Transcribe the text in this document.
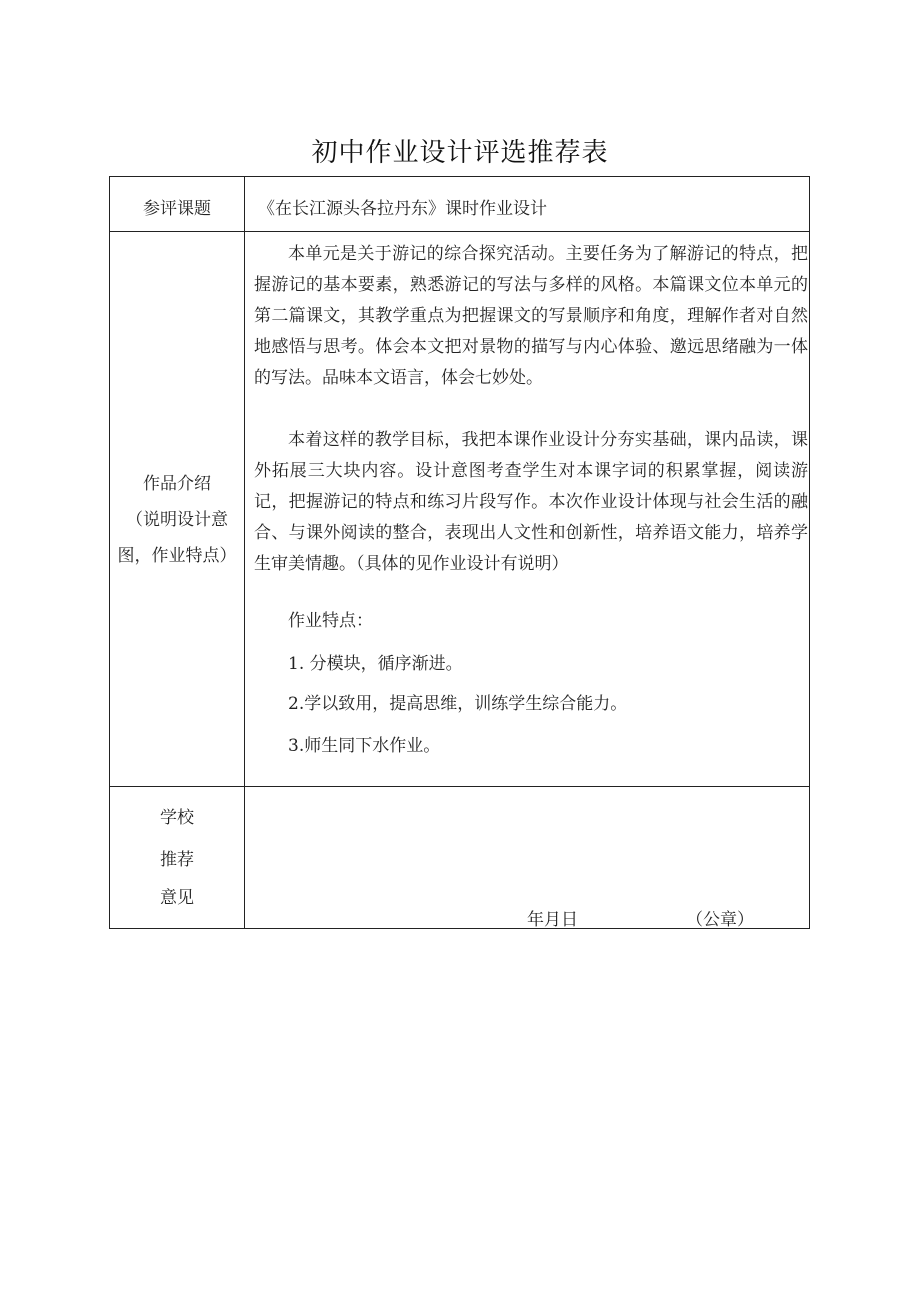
初中作业设计评选推荐表
参评课题	《在长江源头各拉丹东》课时作业设计
作品介绍
（说明设计意
图，作业特点）

本单元是关于游记的综合探究活动。主要任务为了解游记的特点，把握游记的基本要素，熟悉游记的写法与多样的风格。本篇课文位本单元的第二篇课文，其教学重点为把握课文的写景顺序和角度，理解作者对自然地感悟与思考。体会本文把对景物的描写与内心体验、邀远思绪融为一体的写法。品味本文语言，体会七妙处。

本着这样的教学目标，我把本课作业设计分夯实基础，课内品读，课外拓展三大块内容。设计意图考查学生对本课字词的积累掌握，阅读游记，把握游记的特点和练习片段写作。本次作业设计体现与社会生活的融合、与课外阅读的整合，表现出人文性和创新性，培养语文能力，培养学生审美情趣。（具体的见作业设计有说明）

作业特点：
1. 分模块，循序渐进。
2.学以致用，提高思维，训练学生综合能力。
3.师生同下水作业。
学校
推荐
意见
年月日	（公章）
